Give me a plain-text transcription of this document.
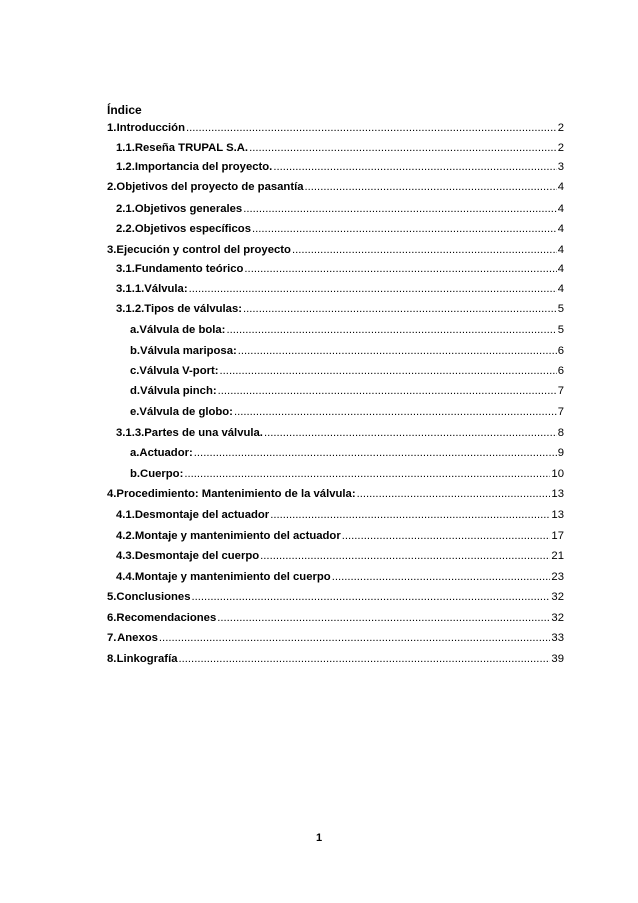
Índice
1. Introducción .....	2
1.1. Reseña TRUPAL S.A. .....	2
1.2. Importancia del proyecto. .....	3
2. Objetivos del proyecto de pasantía .....	4
2.1. Objetivos generales .....	4
2.2. Objetivos específicos .....	4
3. Ejecución y control del proyecto .....	4
3.1. Fundamento teórico .....	4
3.1.1. Válvula: .....	4
3.1.2. Tipos de válvulas: .....	5
a. Válvula de bola: .....	5
b. Válvula mariposa: .....	6
c. Válvula V-port: .....	6
d. Válvula pinch: .....	7
e. Válvula de globo: .....	7
3.1.3. Partes de una válvula. .....	8
a. Actuador: .....	9
b. Cuerpo: .....	10
4. Procedimiento: Mantenimiento de la válvula: .....	13
4.1. Desmontaje del actuador .....	13
4.2. Montaje y mantenimiento del actuador .....	17
4.3. Desmontaje del cuerpo .....	21
4.4. Montaje y mantenimiento del cuerpo .....	23
5. Conclusiones .....	32
6. Recomendaciones .....	32
7. Anexos .....	33
8. Linkografía .....	39
1
